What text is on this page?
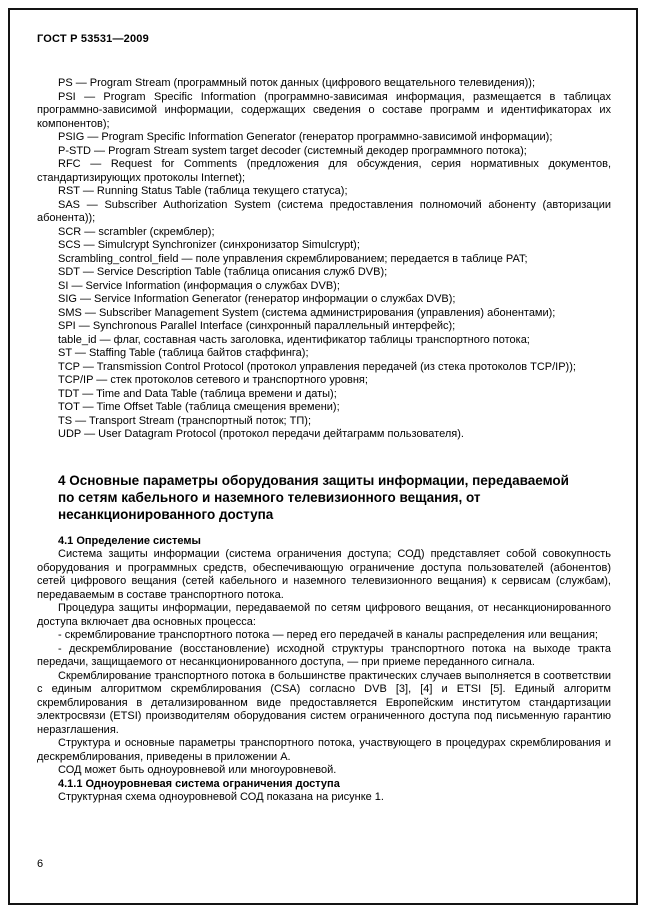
ГОСТ Р 53531—2009

PS — Program Stream (программный поток данных (цифрового вещательного телевидения));

PSI — Program Specific Information (программно-зависимая информация, размещается в таблицах программно-зависимой информации, содержащих сведения о составе программ и идентификаторах их компонентов);

PSIG — Program Specific Information Generator (генератор программно-зависимой информации);

P-STD — Program Stream system target decoder (системный декодер программного потока);

RFC — Request for Comments (предложения для обсуждения, серия нормативных документов, стандартизирующих протоколы Internet);

RST — Running Status Table (таблица текущего статуса);

SAS — Subscriber Authorization System (система предоставления полномочий абоненту (авторизации абонента));

SCR — scrambler (скремблер);

SCS — Simulcrypt Synchronizer (синхронизатор Simulcrypt);

Scrambling_control_field — поле управления скремблированием; передается в таблице PAT;

SDT — Service Description Table (таблица описания служб DVB);

SI — Service Information (информация о службах DVB);

SIG — Service Information Generator (генератор информации о службах DVB);

SMS — Subscriber Management System (система администрирования (управления) абонентами);

SPI — Synchronous Parallel Interface (синхронный параллельный интерфейс);

table_id — флаг, составная часть заголовка, идентификатор таблицы транспортного потока;

ST — Staffing Table (таблица байтов стаффинга);

TCP — Transmission Control Protocol (протокол управления передачей (из стека протоколов TCP/IP));

TCP/IP — стек протоколов сетевого и транспортного уровня;

TDT — Time and Data Table (таблица времени и даты);

TOT — Time Offset Table (таблица смещения времени);

TS — Transport Stream (транспортный поток; ТП);

UDP — User Datagram Protocol (протокол передачи дейтаграмм пользователя).

4 Основные параметры оборудования защиты информации, передаваемой по сетям кабельного и наземного телевизионного вещания, от несанкционированного доступа
4.1 Определение системы

Система защиты информации (система ограничения доступа; СОД) представляет собой совокупность оборудования и программных средств, обеспечивающую ограничение доступа пользователей (абонентов) сетей цифрового вещания (сетей кабельного и наземного телевизионного вещания) к сервисам (службам), передаваемым в составе транспортного потока.

Процедура защиты информации, передаваемой по сетям цифрового вещания, от несанкционированного доступа включает два основных процесса:

- скремблирование транспортного потока — перед его передачей в каналы распределения или вещания;

- дескремблирование (восстановление) исходной структуры транспортного потока на выходе тракта передачи, защищаемого от несанкционированного доступа, — при приеме переданного сигнала.

Скремблирование транспортного потока в большинстве практических случаев выполняется в соответствии с единым алгоритмом скремблирования (CSA) согласно DVB [3], [4] и ETSI [5]. Единый алгоритм скремблирования в детализированном виде предоставляется Европейским институтом стандартизации электросвязи (ETSI) производителям оборудования систем ограниченного доступа под письменную гарантию неразглашения.

Структура и основные параметры транспортного потока, участвующего в процедурах скремблирования и дескремблирования, приведены в приложении А.

СОД может быть одноуровневой или многоуровневой.

4.1.1 Одноуровневая система ограничения доступа

Структурная схема одноуровневой СОД показана на рисунке 1.

6
